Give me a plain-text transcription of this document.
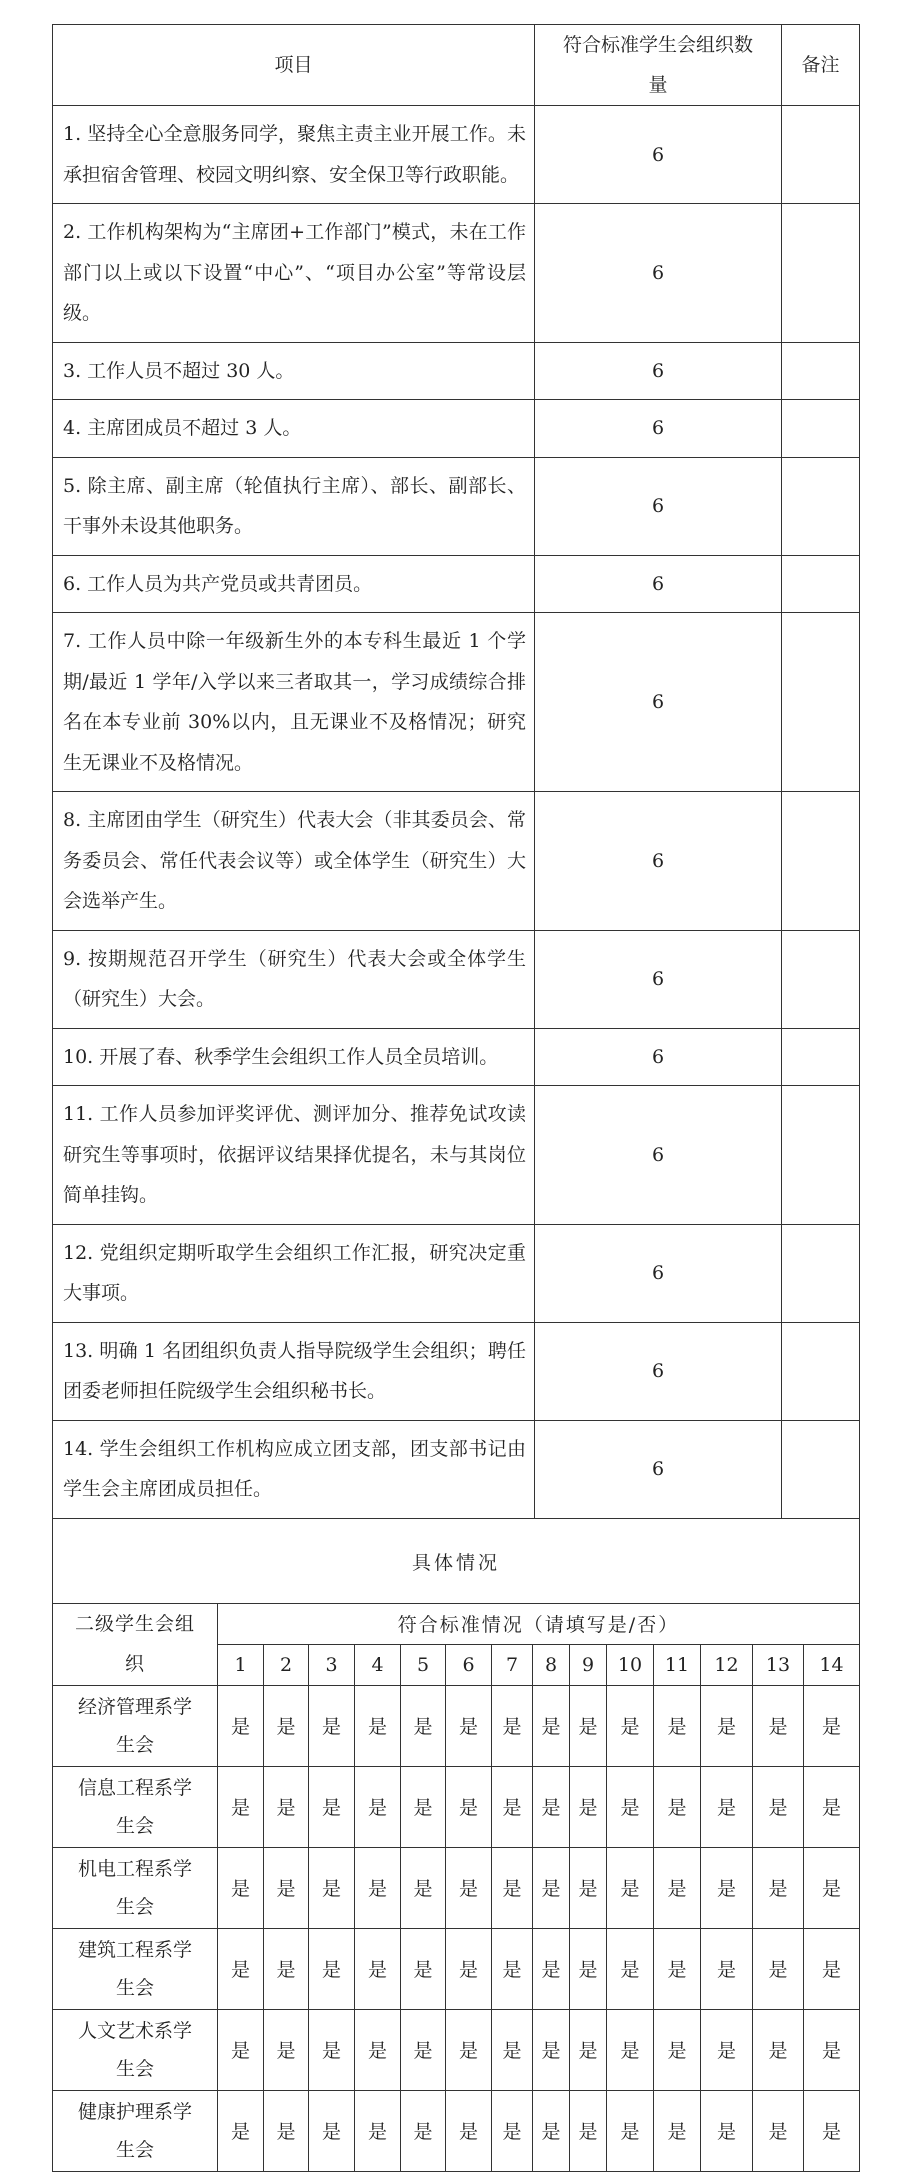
项目	符合标准学生会组织数量	备注
1. 坚持全心全意服务同学，聚焦主责主业开展工作。未承担宿舍管理、校园文明纠察、安全保卫等行政职能。	6	
2. 工作机构架构为“主席团+工作部门”模式，未在工作部门以上或以下设置“中心”、“项目办公室”等常设层级。	6	
3. 工作人员不超过 30 人。	6	
4. 主席团成员不超过 3 人。	6	
5. 除主席、副主席（轮值执行主席）、部长、副部长、干事外未设其他职务。	6	
6. 工作人员为共产党员或共青团员。	6	
7. 工作人员中除一年级新生外的本专科生最近 1 个学期/最近 1 学年/入学以来三者取其一，学习成绩综合排名在本专业前 30%以内，且无课业不及格情况；研究生无课业不及格情况。	6	
8. 主席团由学生（研究生）代表大会（非其委员会、常务委员会、常任代表会议等）或全体学生（研究生）大会选举产生。	6	
9. 按期规范召开学生（研究生）代表大会或全体学生（研究生）大会。	6	
10. 开展了春、秋季学生会组织工作人员全员培训。	6	
11. 工作人员参加评奖评优、测评加分、推荐免试攻读研究生等事项时，依据评议结果择优提名，未与其岗位简单挂钩。	6	
12. 党组织定期听取学生会组织工作汇报，研究决定重大事项。	6	
13. 明确 1 名团组织负责人指导院级学生会组织；聘任团委老师担任院级学生会组织秘书长。	6	
14. 学生会组织工作机构应成立团支部，团支部书记由学生会主席团成员担任。	6	
具体情况		
二级学生会组织	符合标准情况（请填写是/否）													
	1	2	3	4	5	6	7	8	9	10	11	12	13	14
经济管理系学生会	是	是	是	是	是	是	是	是	是	是	是	是	是	是
信息工程系学生会	是	是	是	是	是	是	是	是	是	是	是	是	是	是
机电工程系学生会	是	是	是	是	是	是	是	是	是	是	是	是	是	是
建筑工程系学生会	是	是	是	是	是	是	是	是	是	是	是	是	是	是
人文艺术系学生会	是	是	是	是	是	是	是	是	是	是	是	是	是	是
健康护理系学生会	是	是	是	是	是	是	是	是	是	是	是	是	是	是
